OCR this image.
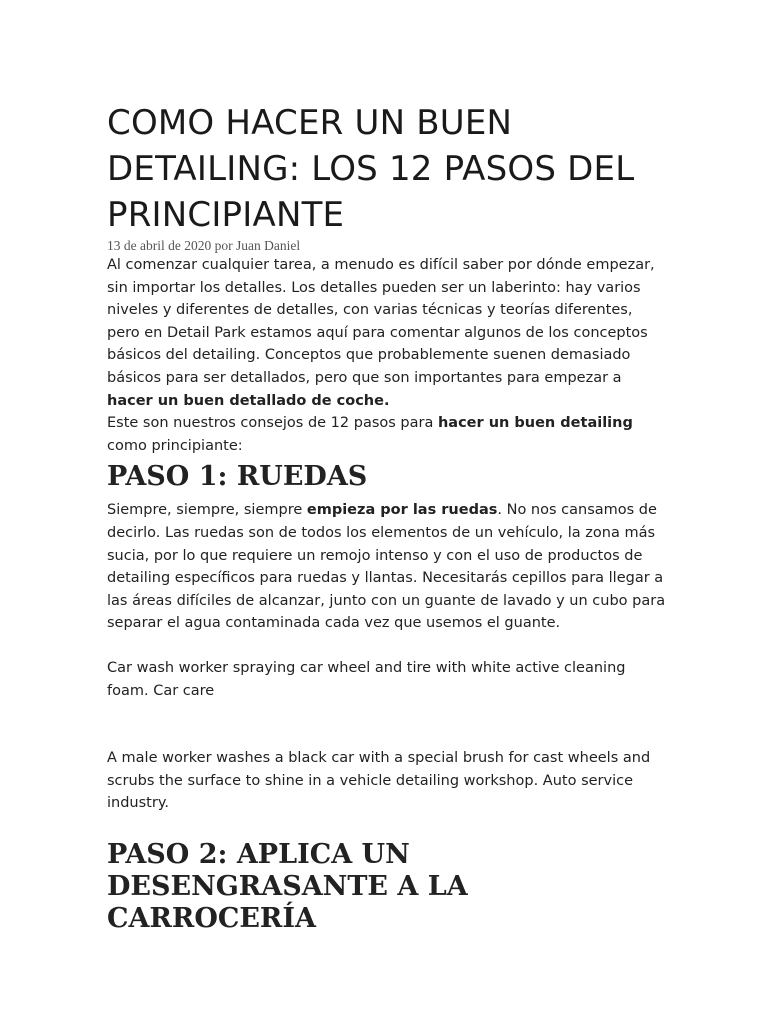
COMO HACER UN BUEN DETAILING: LOS 12 PASOS DEL PRINCIPIANTE

13 de abril de 2020 por Juan Daniel

Al comenzar cualquier tarea, a menudo es difícil saber por dónde empezar, sin importar los detalles. Los detalles pueden ser un laberinto: hay varios niveles y diferentes de detalles, con varias técnicas y teorías diferentes, pero en Detail Park estamos aquí para comentar algunos de los conceptos básicos del detailing. Conceptos que probablemente suenen demasiado básicos para ser detallados, pero que son importantes para empezar a hacer un buen detallado de coche.

Este son nuestros consejos de 12 pasos para hacer un buen detailing como principiante:

PASO 1: RUEDAS

Siempre, siempre, siempre empieza por las ruedas. No nos cansamos de decirlo. Las ruedas son de todos los elementos de un vehículo, la zona más sucia, por lo que requiere un remojo intenso y con el uso de productos de detailing específicos para ruedas y llantas. Necesitarás cepillos para llegar a las áreas difíciles de alcanzar, junto con un guante de lavado y un cubo para separar el agua contaminada cada vez que usemos el guante.

Car wash worker spraying car wheel and tire with white active cleaning foam. Car care

A male worker washes a black car with a special brush for cast wheels and scrubs the surface to shine in a vehicle detailing workshop. Auto service industry.

PASO 2: APLICA UN DESENGRASANTE A LA CARROCERÍA
